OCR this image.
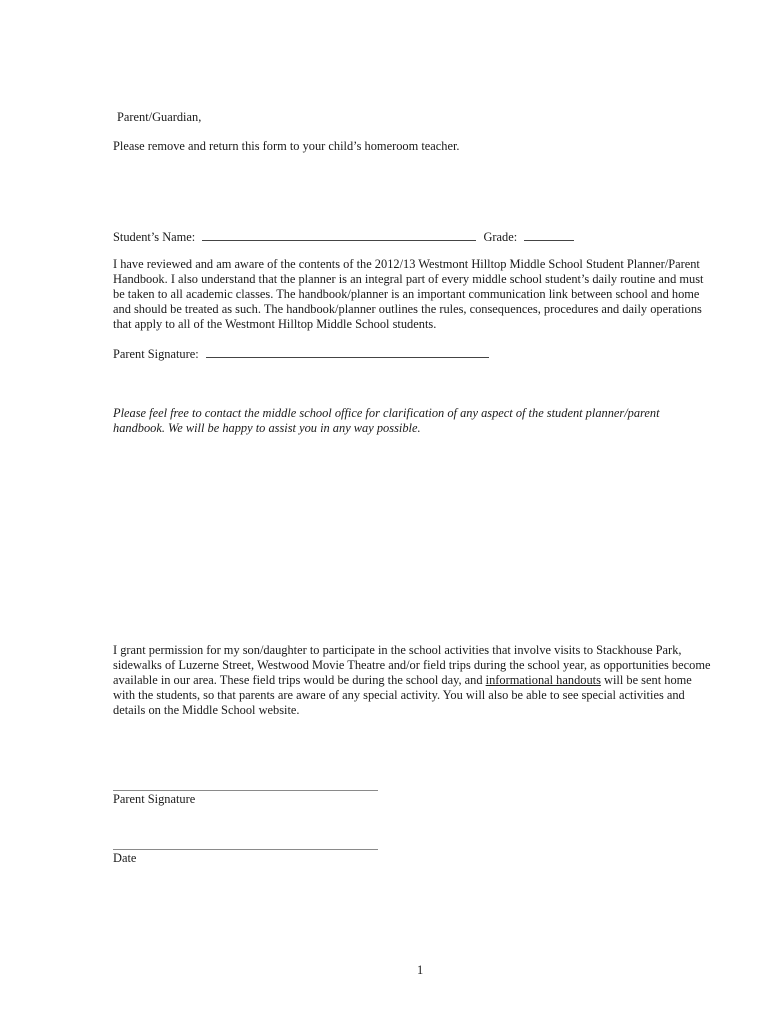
Parent/Guardian,
Please remove and return this form to your child’s homeroom teacher.
Student’s Name:	Grade:
I have reviewed and am aware of the contents of the 2012/13 Westmont Hilltop Middle School Student Planner/Parent
Handbook. I also understand that the planner is an integral part of every middle school student’s daily routine and must
be taken to all academic classes. The handbook/planner is an important communication link between school and home
and should be treated as such. The handbook/planner outlines the rules, consequences, procedures and daily operations
that apply to all of the Westmont Hilltop Middle School students.
Parent Signature:
Please feel free to contact the middle school office for clarification of any aspect of the student planner/parent
handbook. We will be happy to assist you in any way possible.
I grant permission for my son/daughter to participate in the school activities that involve visits to Stackhouse Park,
sidewalks of Luzerne Street, Westwood Movie Theatre and/or field trips during the school year, as opportunities become
available in our area. These field trips would be during the school day, and informational handouts will be sent home
with the students, so that parents are aware of any special activity. You will also be able to see special activities and
details on the Middle School website.
Parent Signature
Date
1
